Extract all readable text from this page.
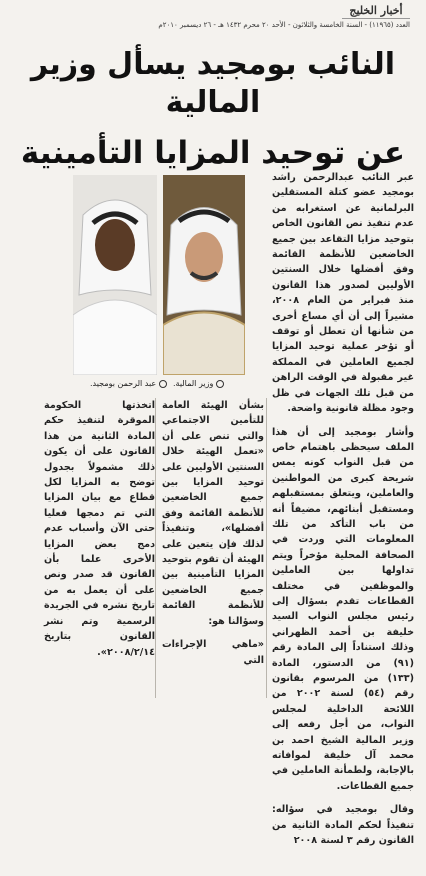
أخبار الخليج
العدد (١١٩٦٥) - السنة الخامسة والثلاثون - الأحد ٢٠ محرم ١٤٣٢ هـ - ٢٦ ديسمبر ٢٠١٠م
النائب بومجيد يسأل وزير المالية
عن توحيد المزايا التأمينية
عبد الرحمن بومجيد.	وزير المالية.

عبر النائب عبدالرحمن راشد بومجيد عضو كتلة المستقلين البرلمانية عن استغرابه من عدم تنفيذ نص القانون الخاص بتوحيد مزايا التقاعد بين جميع الخاضعين للأنظمة القائمة وفق أفضلها خلال السنتين الأوليين لصدور هذا القانون منذ فبراير من العام ٢٠٠٨، مشيراً إلى أن أي مساع أخرى من شأنها أن تعطل أو توقف أو تؤخر عملية توحيد المزايا لجميع العاملين في المملكة غير مقبولة في الوقت الراهن من قبل تلك الجهات في ظل وجود مظلة قانونية واضحة.

وأشار بومجيد إلى أن هذا الملف سيحظى باهتمام خاص من قبل النواب كونه يمس شريحة كبرى من المواطنين والعاملين، ويتعلق بمستقبلهم ومستقبل أبنائهم، مضيفاً أنه من باب التأكد من تلك المعلومات التي وردت في الصحافة المحلية مؤخراً ويتم تداولها بين العاملين والموظفين في مختلف القطاعات تقدم بسؤال إلى رئيس مجلس النواب السيد خليفة بن أحمد الظهراني وذلك استناداً إلى المادة رقم (٩١) من الدستور، المادة (١٣٣) من المرسوم بقانون رقم (٥٤) لسنة ٢٠٠٢ من اللائحة الداخلية لمجلس النواب، من أجل رفعه إلى وزير المالية الشيخ احمد بن محمد آل خليفة لموافاته بالإجابة، ولطمأنة العاملين في جميع القطاعات.

وقال بومجيد في سؤاله: تنفيذاً لحكم المادة الثانية من القانون رقم ٣ لسنة ٢٠٠٨

بشأن الهيئة العامة للتأمين الاجتماعي والتي تنص على أن «تعمل الهيئة خلال السنتين الأوليين على توحيد المزايا بين جميع الخاضعين للأنظمة القائمة وفق أفضلها»، وتنفيذاً لذلك فإن يتعين على الهيئة أن تقوم بتوحيد المزايا التأمينية بين جميع الخاضعين للأنظمة القائمة وسؤالنا هو:

«ماهي الإجراءات التي

اتخذتها الحكومة الموقرة لتنفيذ حكم المادة الثانية من هذا القانون على أن يكون ذلك مشمولاً بجدول توضح به المزايا لكل قطاع مع بيان المزايا التي تم دمجها فعليا حتى الآن وأسباب عدم دمج بعض المزايا الأخرى علما بأن القانون قد صدر ونص على أن يعمل به من تاريخ نشره في الجريدة الرسمية وتم نشر القانون بتاريخ ٢٠٠٨/٢/١٤».
